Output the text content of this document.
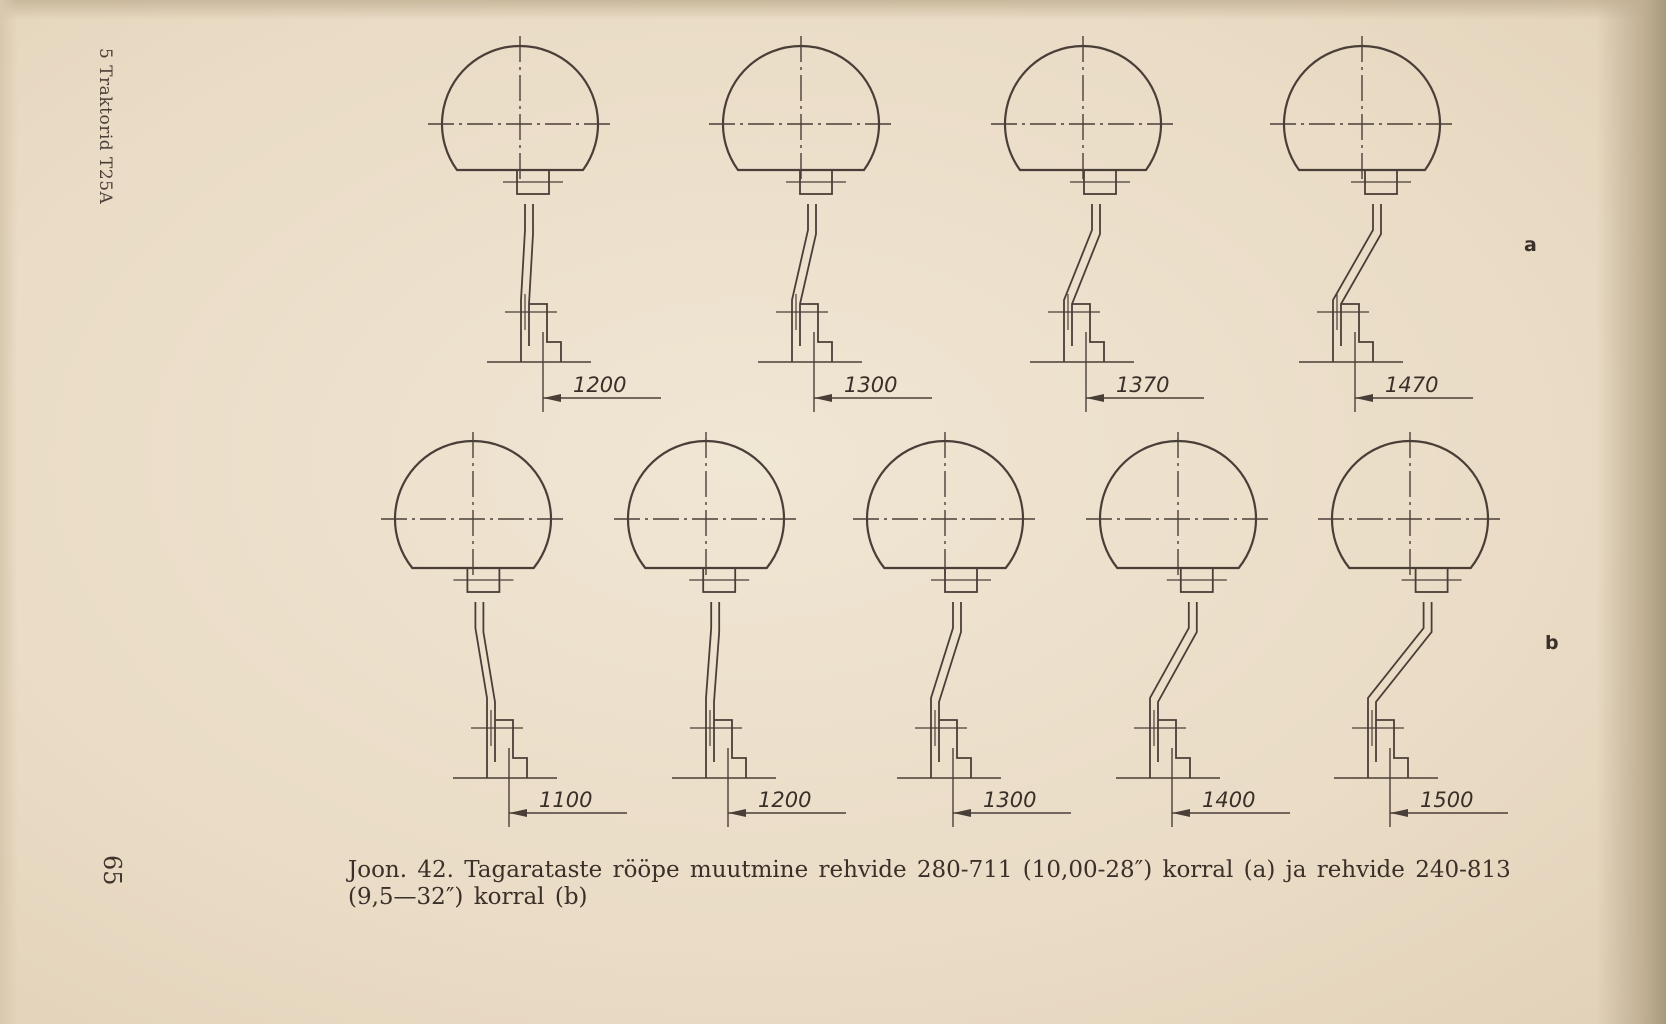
5 Traktorid T25A
65
1200	1300	1370	1470
1100	1200	1300	1400	1500
a
b
Joon. 42. Tagarataste rööpe muutmine rehvide 280-711 (10,00-28″) korral (a) ja rehvide 240-813
(9,5—32″) korral (b)
